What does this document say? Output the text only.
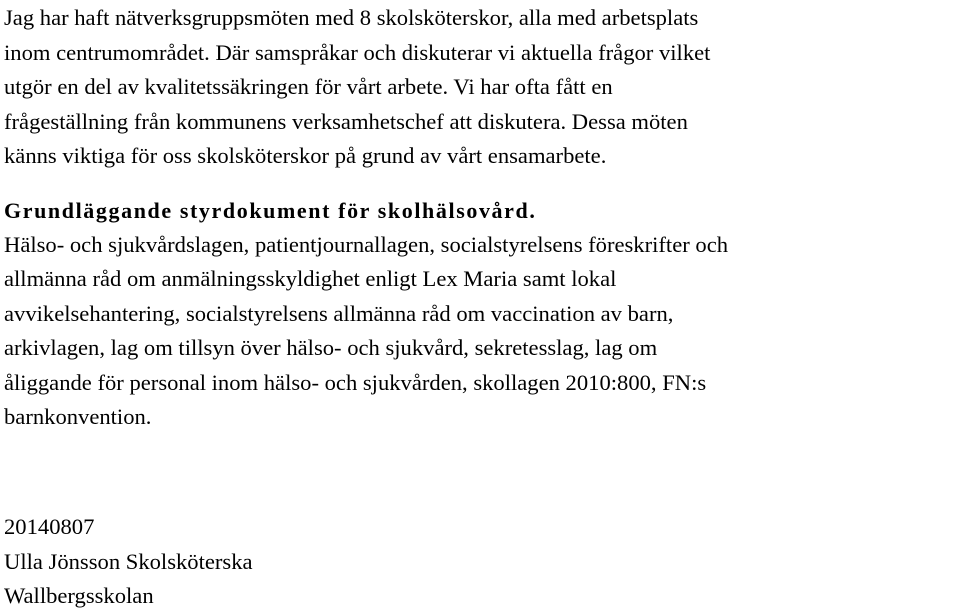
Jag har haft nätverksgruppsmöten med 8 skolsköterskor, alla med arbetsplats
inom centrumområdet. Där samspråkar och diskuterar vi aktuella frågor vilket
utgör en del av kvalitetssäkringen för vårt arbete. Vi har ofta fått en
frågeställning från kommunens verksamhetschef att diskutera. Dessa möten
känns viktiga för oss skolsköterskor på grund av vårt ensamarbete.

Grundläggande styrdokument för skolhälsovård.

Hälso- och sjukvårdslagen, patientjournallagen, socialstyrelsens föreskrifter och
allmänna råd om anmälningsskyldighet enligt Lex Maria samt lokal
avvikelsehantering, socialstyrelsens allmänna råd om vaccination av barn,
arkivlagen, lag om tillsyn över hälso- och sjukvård, sekretesslag, lag om
åliggande för personal inom hälso- och sjukvården, skollagen 2010:800, FN:s
barnkonvention.

20140807
Ulla Jönsson Skolsköterska
Wallbergsskolan
